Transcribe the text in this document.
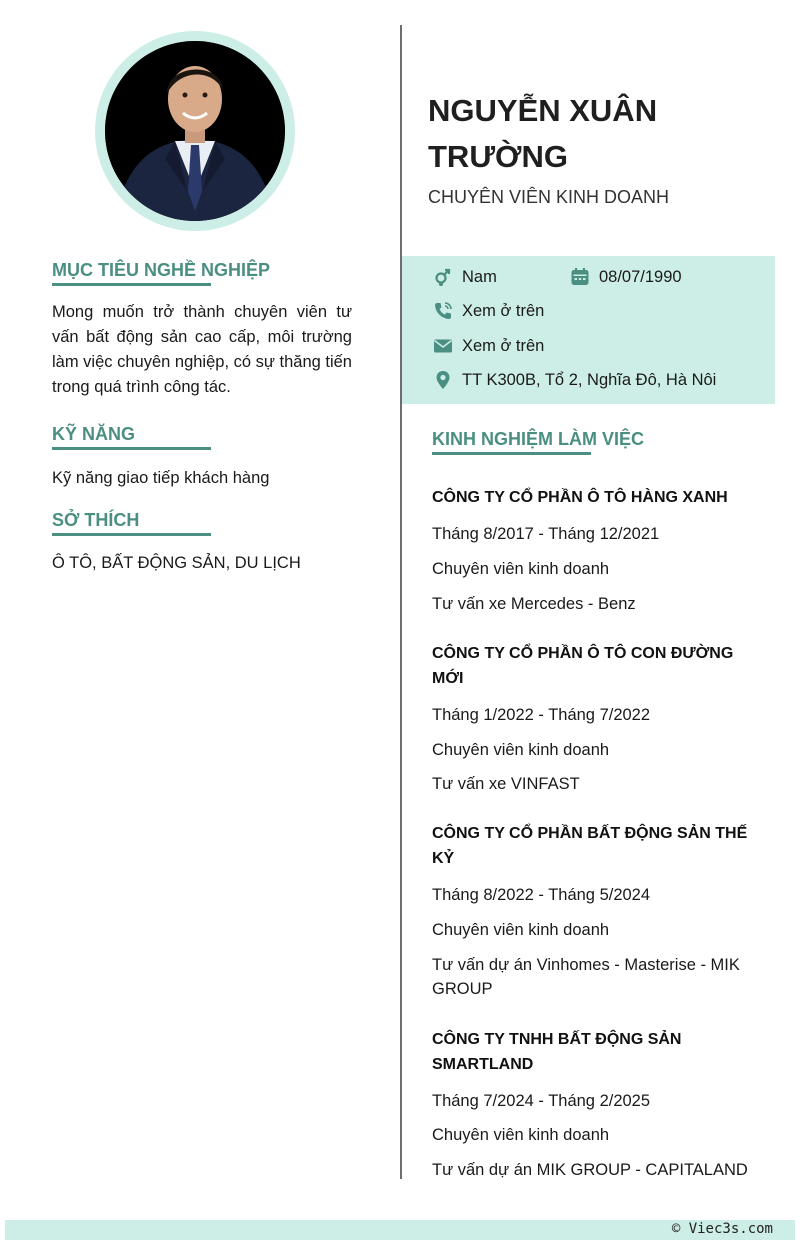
MỤC TIÊU NGHỀ NGHIỆP

Mong muốn trở thành chuyên viên tư vấn bất động sản cao cấp, môi trường làm việc chuyên nghiệp, có sự thăng tiến trong quá trình công tác.

KỸ NĂNG

Kỹ năng giao tiếp khách hàng

SỞ THÍCH

Ô TÔ, BẤT ĐỘNG SẢN, DU LỊCH

NGUYỄN XUÂN TRƯỜNG

CHUYÊN VIÊN KINH DOANH

Nam	08/07/1990
Xem ở trên
Xem ở trên
TT K300B, Tổ 2, Nghĩa Đô, Hà Nôi
KINH NGHIỆM LÀM VIỆC

CÔNG TY CỔ PHẦN Ô TÔ HÀNG XANH

Tháng 8/2017 - Tháng 12/2021

Chuyên viên kinh doanh

Tư vấn xe Mercedes - Benz

CÔNG TY CỔ PHẦN Ô TÔ CON ĐƯỜNG MỚI

Tháng 1/2022 - Tháng 7/2022

Chuyên viên kinh doanh

Tư vấn xe VINFAST

CÔNG TY CỔ PHẦN BẤT ĐỘNG SẢN THẾ KỶ

Tháng 8/2022 - Tháng 5/2024

Chuyên viên kinh doanh

Tư vấn dự án Vinhomes - Masterise - MIK GROUP

CÔNG TY TNHH BẤT ĐỘNG SẢN SMARTLAND

Tháng 7/2024 - Tháng 2/2025

Chuyên viên kinh doanh

Tư vấn dự án MIK GROUP - CAPITALAND

© Viec3s.com
